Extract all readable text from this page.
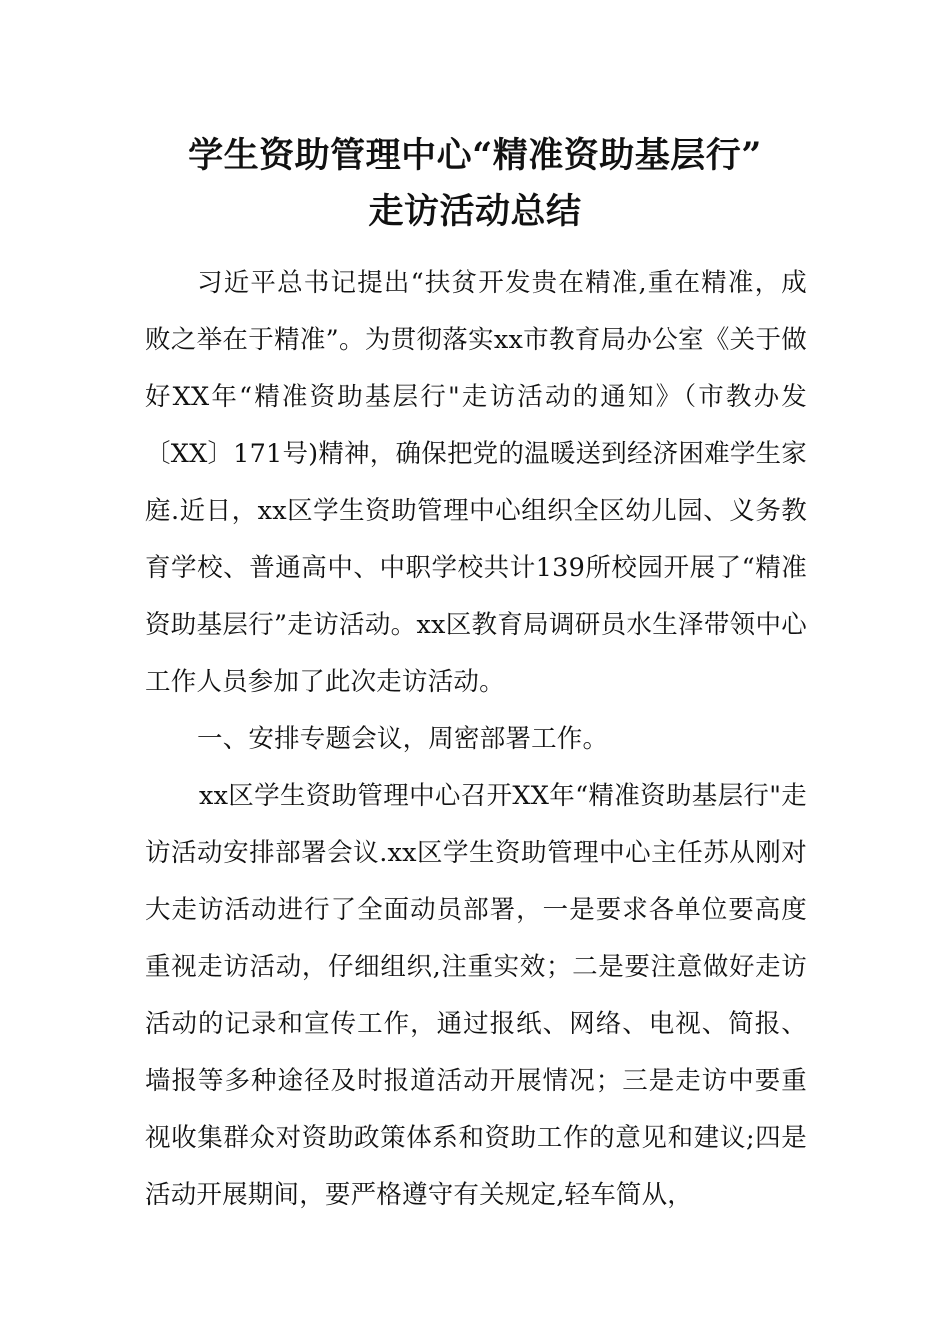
学生资助管理中心“精准资助基层行”
走访活动总结

习近平总书记提出“扶贫开发贵在精准,重在精准，成败之举在于精准”。为贯彻落实xx市教育局办公室《关于做好XX年“精准资助基层行"走访活动的通知》（市教办发〔XX〕171号)精神，确保把党的温暖送到经济困难学生家庭.近日，xx区学生资助管理中心组织全区幼儿园、义务教育学校、普通高中、中职学校共计139所校园开展了“精准资助基层行”走访活动。xx区教育局调研员水生泽带领中心工作人员参加了此次走访活动。

一、安排专题会议，周密部署工作。

xx区学生资助管理中心召开XX年“精准资助基层行"走访活动安排部署会议.xx区学生资助管理中心主任苏从刚对大走访活动进行了全面动员部署，一是要求各单位要高度重视走访活动，仔细组织,注重实效；二是要注意做好走访活动的记录和宣传工作，通过报纸、网络、电视、简报、墙报等多种途径及时报道活动开展情况；三是走访中要重视收集群众对资助政策体系和资助工作的意见和建议;四是活动开展期间，要严格遵守有关规定,轻车简从，
